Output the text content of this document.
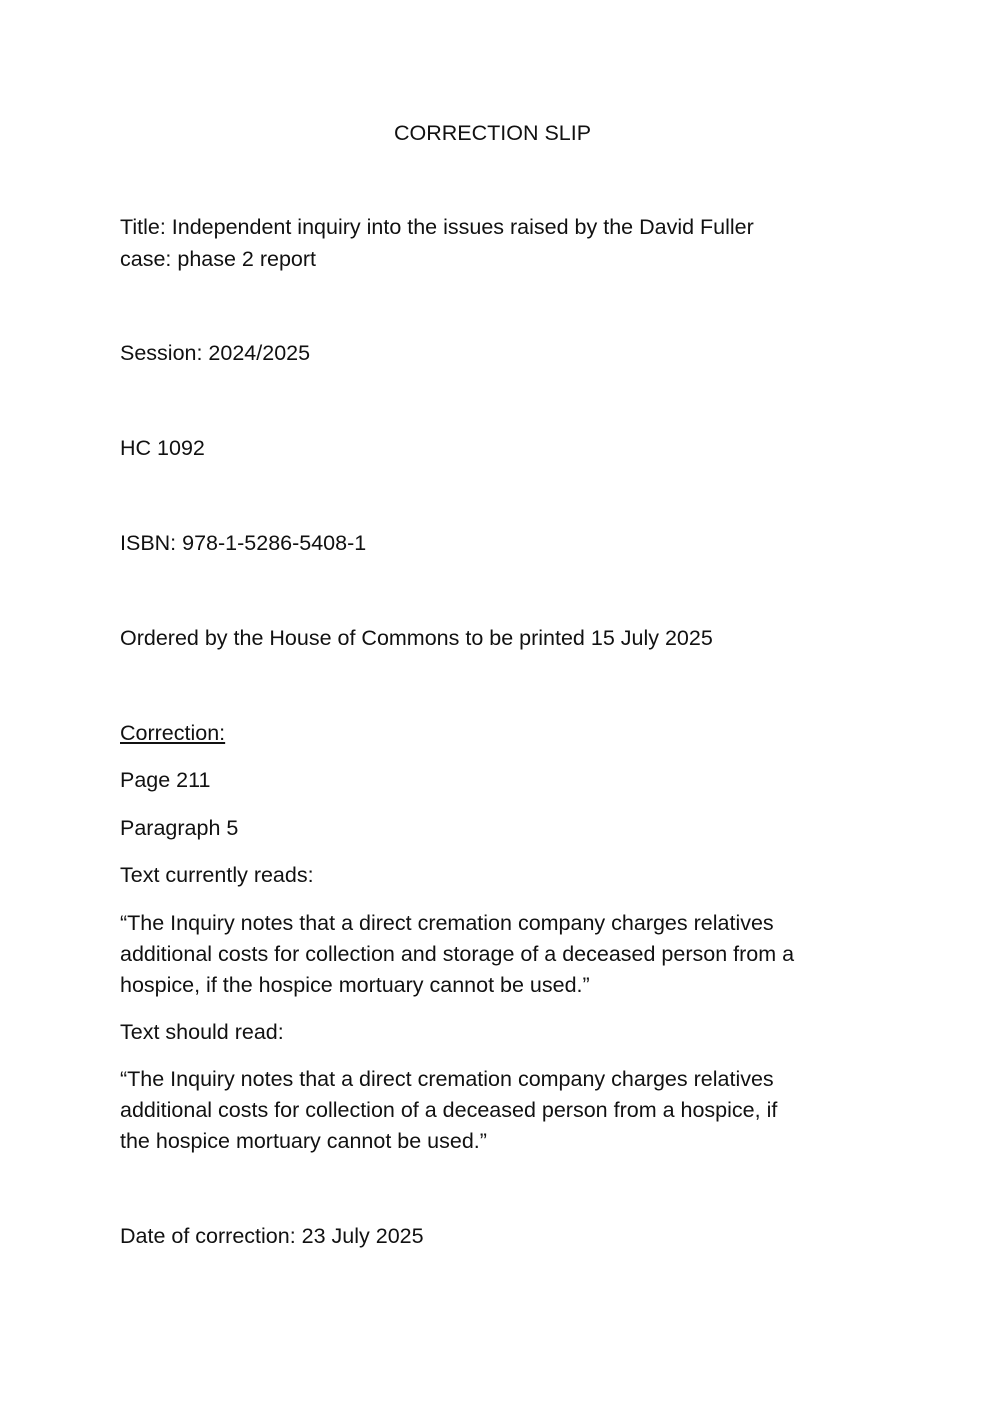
CORRECTION SLIP
Title: Independent inquiry into the issues raised by the David Fuller
case: phase 2 report
Session: 2024/2025
HC 1092
ISBN: 978-1-5286-5408-1
Ordered by the House of Commons to be printed 15 July 2025
Correction:
Page 211
Paragraph 5
Text currently reads:
“The Inquiry notes that a direct cremation company charges relatives
additional costs for collection and storage of a deceased person from a
hospice, if the hospice mortuary cannot be used.”
Text should read:
“The Inquiry notes that a direct cremation company charges relatives
additional costs for collection of a deceased person from a hospice, if
the hospice mortuary cannot be used.”
Date of correction: 23 July 2025
